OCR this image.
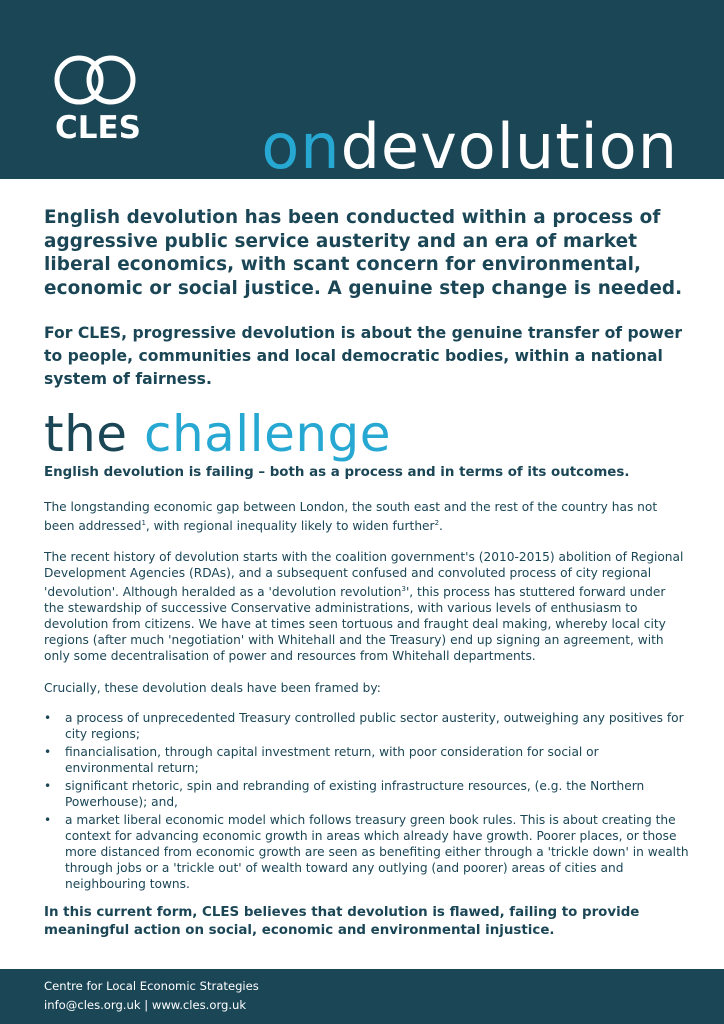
CLES ondevolution
English devolution has been conducted within a process of aggressive public service austerity and an era of market liberal economics, with scant concern for environmental, economic or social justice. A genuine step change is needed.
For CLES, progressive devolution is about the genuine transfer of power to people, communities and local democratic bodies, within a national system of fairness.
the challenge
English devolution is failing – both as a process and in terms of its outcomes.
The longstanding economic gap between London, the south east and the rest of the country has not been addressed$^1$, with regional inequality likely to widen further$^2$.
The recent history of devolution starts with the coalition government's (2010-2015) abolition of Regional Development Agencies (RDAs), and a subsequent confused and convoluted process of city regional 'devolution'. Although heralded as a 'devolution revolution$^3$', this process has stuttered forward under the stewardship of successive Conservative administrations, with various levels of enthusiasm to devolution from citizens. We have at times seen tortuous and fraught deal making, whereby local city regions (after much 'negotiation' with Whitehall and the Treasury) end up signing an agreement, with only some decentralisation of power and resources from Whitehall departments.
Crucially, these devolution deals have been framed by:
• a process of unprecedented Treasury controlled public sector austerity, outweighing any positives for city regions;
• financialisation, through capital investment return, with poor consideration for social or environmental return;
• significant rhetoric, spin and rebranding of existing infrastructure resources, (e.g. the Northern Powerhouse); and,
• a market liberal economic model which follows treasury green book rules. This is about creating the context for advancing economic growth in areas which already have growth. Poorer places, or those more distanced from economic growth are seen as benefiting either through a 'trickle down' in wealth through jobs or a 'trickle out' of wealth toward any outlying (and poorer) areas of cities and neighbouring towns.
In this current form, CLES believes that devolution is flawed, failing to provide meaningful action on social, economic and environmental injustice.
Centre for Local Economic Strategies
info@cles.org.uk | www.cles.org.uk
